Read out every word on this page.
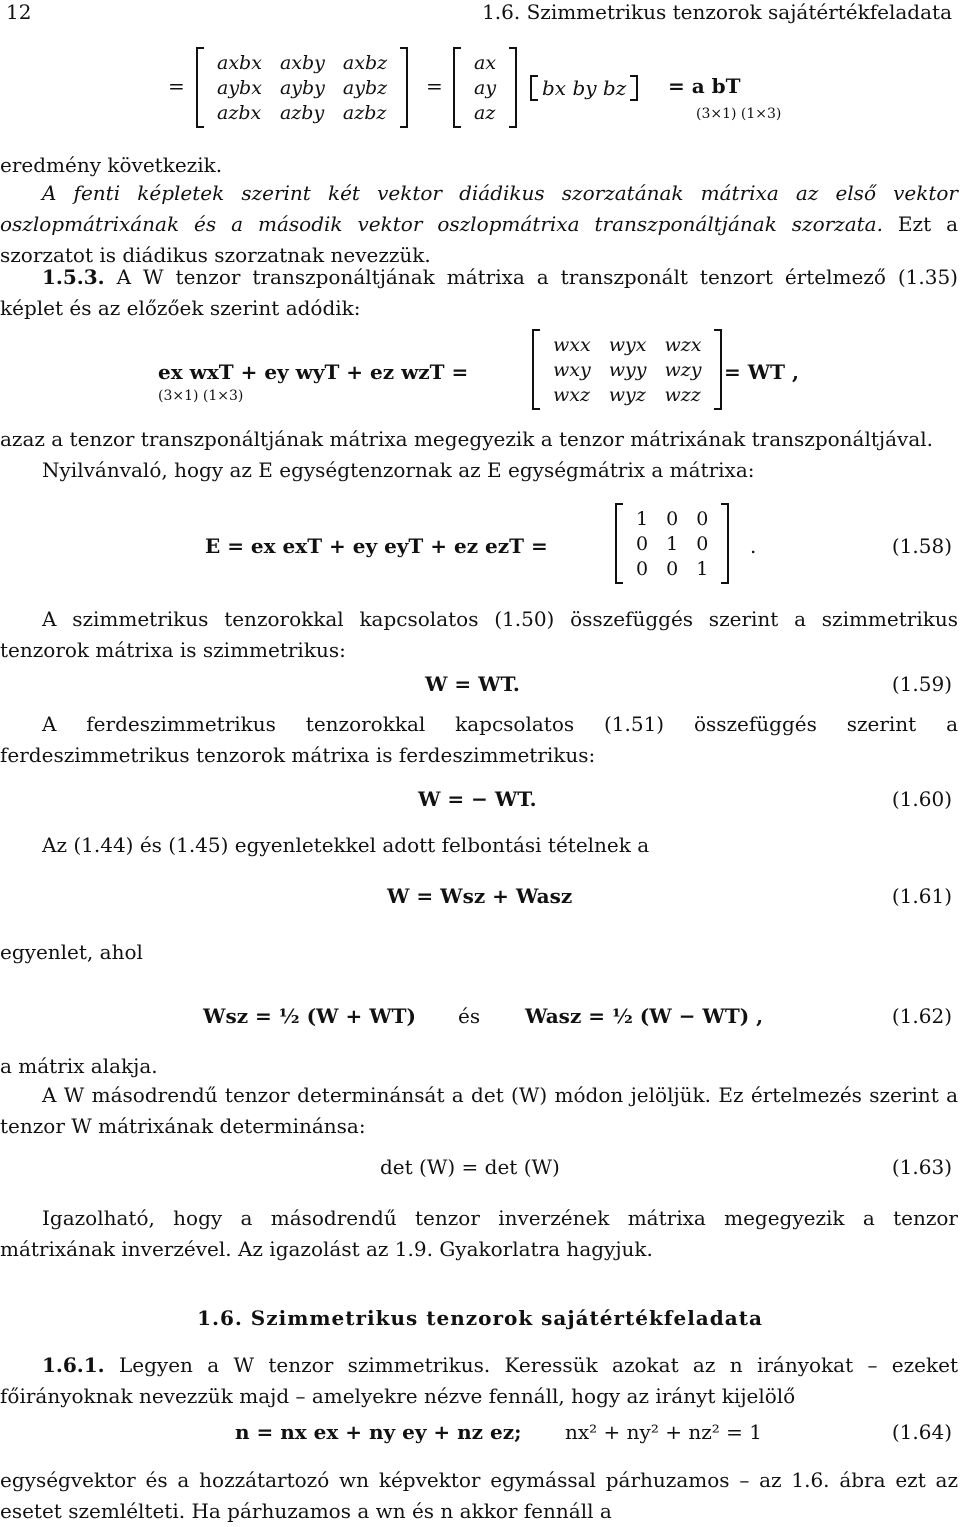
12	1.6. Szimmetrikus tenzorok sajátértékfeladata
=
axbx	axby	axbz
aybx	ayby	aybz
azbx	azby	azbz
=
ax
ay
az
bx by bz	= a bT
(3×1) (1×3)
eredmény következik.
A fenti képletek szerint két vektor diádikus szorzatának mátrixa az első vektor oszlopmátrixának és a második vektor oszlopmátrixa transzponáltjának szorzata. Ezt a szorzatot is diádikus szorzatnak nevezzük.
1.5.3. A W tenzor transzponáltjának mátrixa a transzponált tenzort értelmező (1.35) képlet és az előzőek szerint adódik:
ex wxT + ey wyT + ez wzT =
(3×1) (1×3)
wxx	wyx	wzx
wxy	wyy	wzy
wxz	wyz	wzz
= WT ,
azaz a tenzor transzponáltjának mátrixa megegyezik a tenzor mátrixának transzponáltjával.
Nyilvánvaló, hogy az E egységtenzornak az E egységmátrix a mátrixa:
E = ex exT + ey eyT + ez ezT =
1	0	0
0	1	0
0	0	1
.	(1.58)
A szimmetrikus tenzorokkal kapcsolatos (1.50) összefüggés szerint a szimmetrikus tenzorok mátrixa is szimmetrikus:
W = WT.	(1.59)
A ferdeszimmetrikus tenzorokkal kapcsolatos (1.51) összefüggés szerint a ferdeszimmetrikus tenzorok mátrixa is ferdeszimmetrikus:
W = − WT.	(1.60)
Az (1.44) és (1.45) egyenletekkel adott felbontási tételnek a
W = Wsz + Wasz	(1.61)
egyenlet, ahol
Wsz = ½ (W + WT) és Wasz = ½ (W − WT) ,	(1.62)
a mátrix alakja.
A W másodrendű tenzor determinánsát a det (W) módon jelöljük. Ez értelmezés szerint a tenzor W mátrixának determinánsa:
det (W) = det (W)	(1.63)
Igazolható, hogy a másodrendű tenzor inverzének mátrixa megegyezik a tenzor mátrixának inverzével. Az igazolást az 1.9. Gyakorlatra hagyjuk.
1.6. Szimmetrikus tenzorok sajátértékfeladata
1.6.1. Legyen a W tenzor szimmetrikus. Keressük azokat az n irányokat – ezeket főirányoknak nevezzük majd – amelyekre nézve fennáll, hogy az irányt kijelölő
n = nx ex + ny ey + nz ez; nx² + ny² + nz² = 1	(1.64)
egységvektor és a hozzátartozó wn képvektor egymással párhuzamos – az 1.6. ábra ezt az esetet szemlélteti. Ha párhuzamos a wn és n akkor fennáll a
